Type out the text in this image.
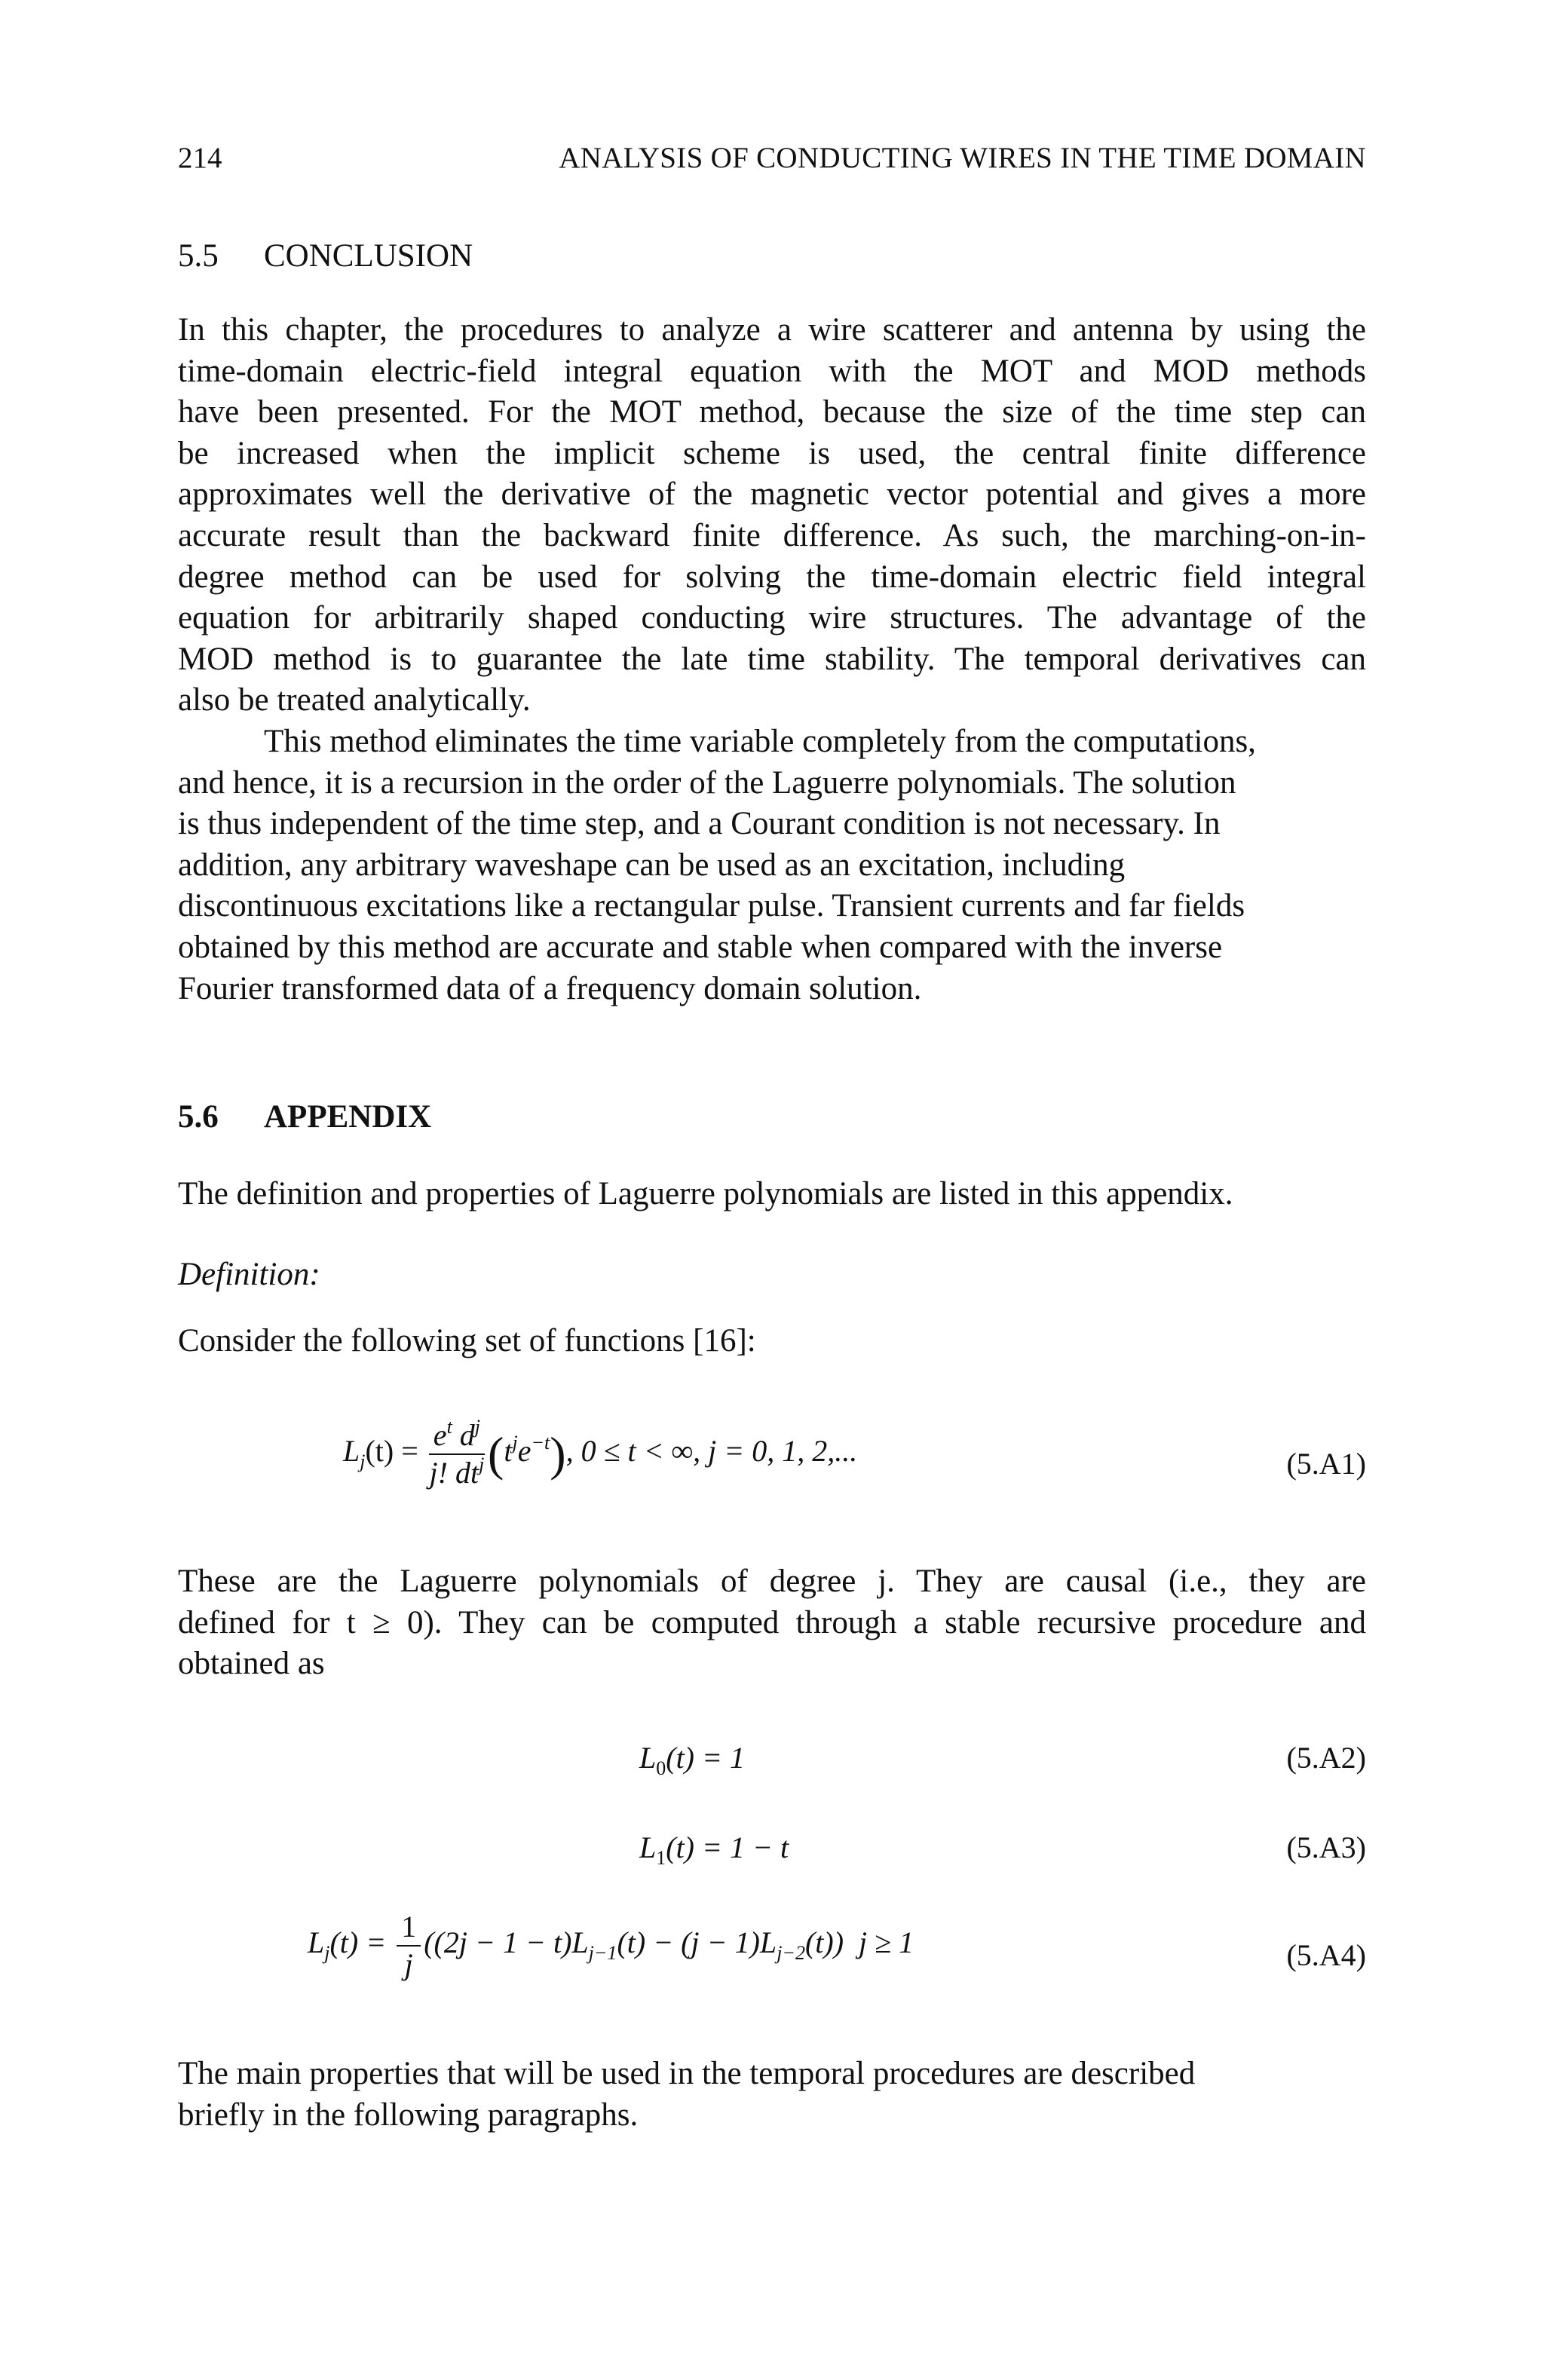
214	ANALYSIS OF CONDUCTING WIRES IN THE TIME DOMAIN
5.5 CONCLUSION
In this chapter, the procedures to analyze a wire scatterer and antenna by using the
time-domain electric-field integral equation with the MOT and MOD methods
have been presented. For the MOT method, because the size of the time step can
be increased when the implicit scheme is used, the central finite difference
approximates well the derivative of the magnetic vector potential and gives a more
accurate result than the backward finite difference. As such, the marching-on-in-
degree method can be used for solving the time-domain electric field integral
equation for arbitrarily shaped conducting wire structures. The advantage of the
MOD method is to guarantee the late time stability. The temporal derivatives can
also be treated analytically.
This method eliminates the time variable completely from the computations,
and hence, it is a recursion in the order of the Laguerre polynomials. The solution
is thus independent of the time step, and a Courant condition is not necessary. In
addition, any arbitrary waveshape can be used as an excitation, including
discontinuous excitations like a rectangular pulse. Transient currents and far fields
obtained by this method are accurate and stable when compared with the inverse
Fourier transformed data of a frequency domain solution.
5.6 APPENDIX
The definition and properties of Laguerre polynomials are listed in this appendix.
Definition:
Consider the following set of functions [16]:
$L_j(t) = \frac{e^t d^j}{j! dt^j} (t^je^{-t})$, 0 ≤ t < ∞, j = 0, 1, 2,...	(5.A1)
These are the Laguerre polynomials of degree j. They are causal (i.e., they are
defined for t ≥ 0). They can be computed through a stable recursive procedure and
obtained as
$L_0(t) = 1$	(5.A2)
$L_1(t) = 1 - t$	(5.A3)
$L_j(t) = \frac{1}{j} ((2j - 1 - t)L_{j-1}(t) - (j - 1)L_{j-2}(t)) j \ge 1$	(5.A4)
The main properties that will be used in the temporal procedures are described
briefly in the following paragraphs.
